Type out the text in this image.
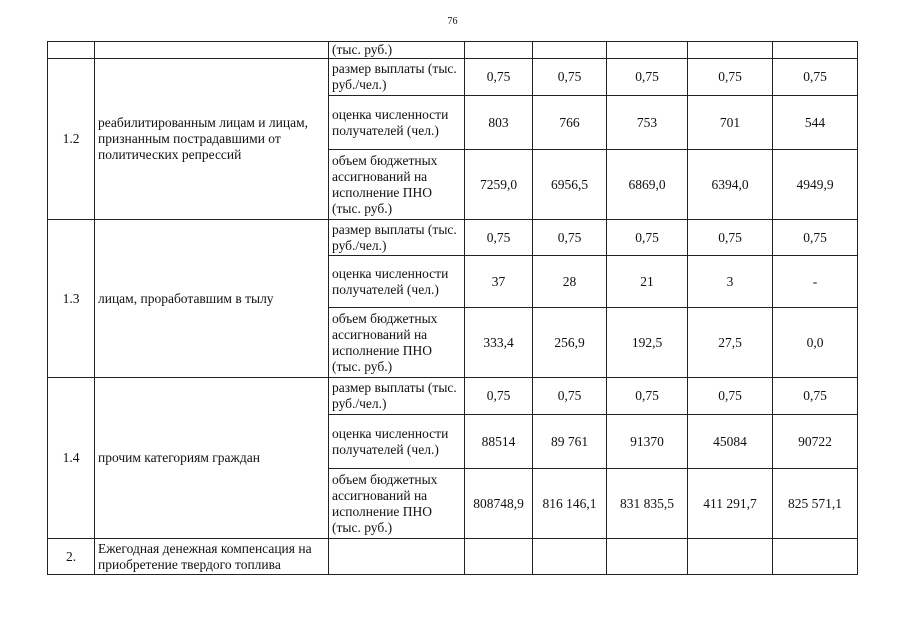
76
		(тыс. руб.)					
1.2	реабилитированным лицам и лицам, признанным пострадавшими от политических репрессий	размер выплаты (тыс. руб./чел.)	0,75	0,75	0,75	0,75	0,75
		оценка численности получателей (чел.)	803	766	753	701	544
		объем бюджетных ассигнований на исполнение ПНО (тыс. руб.)	7259,0	6956,5	6869,0	6394,0	4949,9
1.3	лицам, проработавшим в тылу	размер выплаты (тыс. руб./чел.)	0,75	0,75	0,75	0,75	0,75
		оценка численности получателей (чел.)	37	28	21	3	-
		объем бюджетных ассигнований на исполнение ПНО (тыс. руб.)	333,4	256,9	192,5	27,5	0,0
1.4	прочим категориям граждан	размер выплаты (тыс. руб./чел.)	0,75	0,75	0,75	0,75	0,75
		оценка численности получателей (чел.)	88514	89 761	91370	45084	90722
		объем бюджетных ассигнований на исполнение ПНО (тыс. руб.)	808748,9	816 146,1	831 835,5	411 291,7	825 571,1
2.	Ежегодная денежная компенсация на приобретение твердого топлива						
